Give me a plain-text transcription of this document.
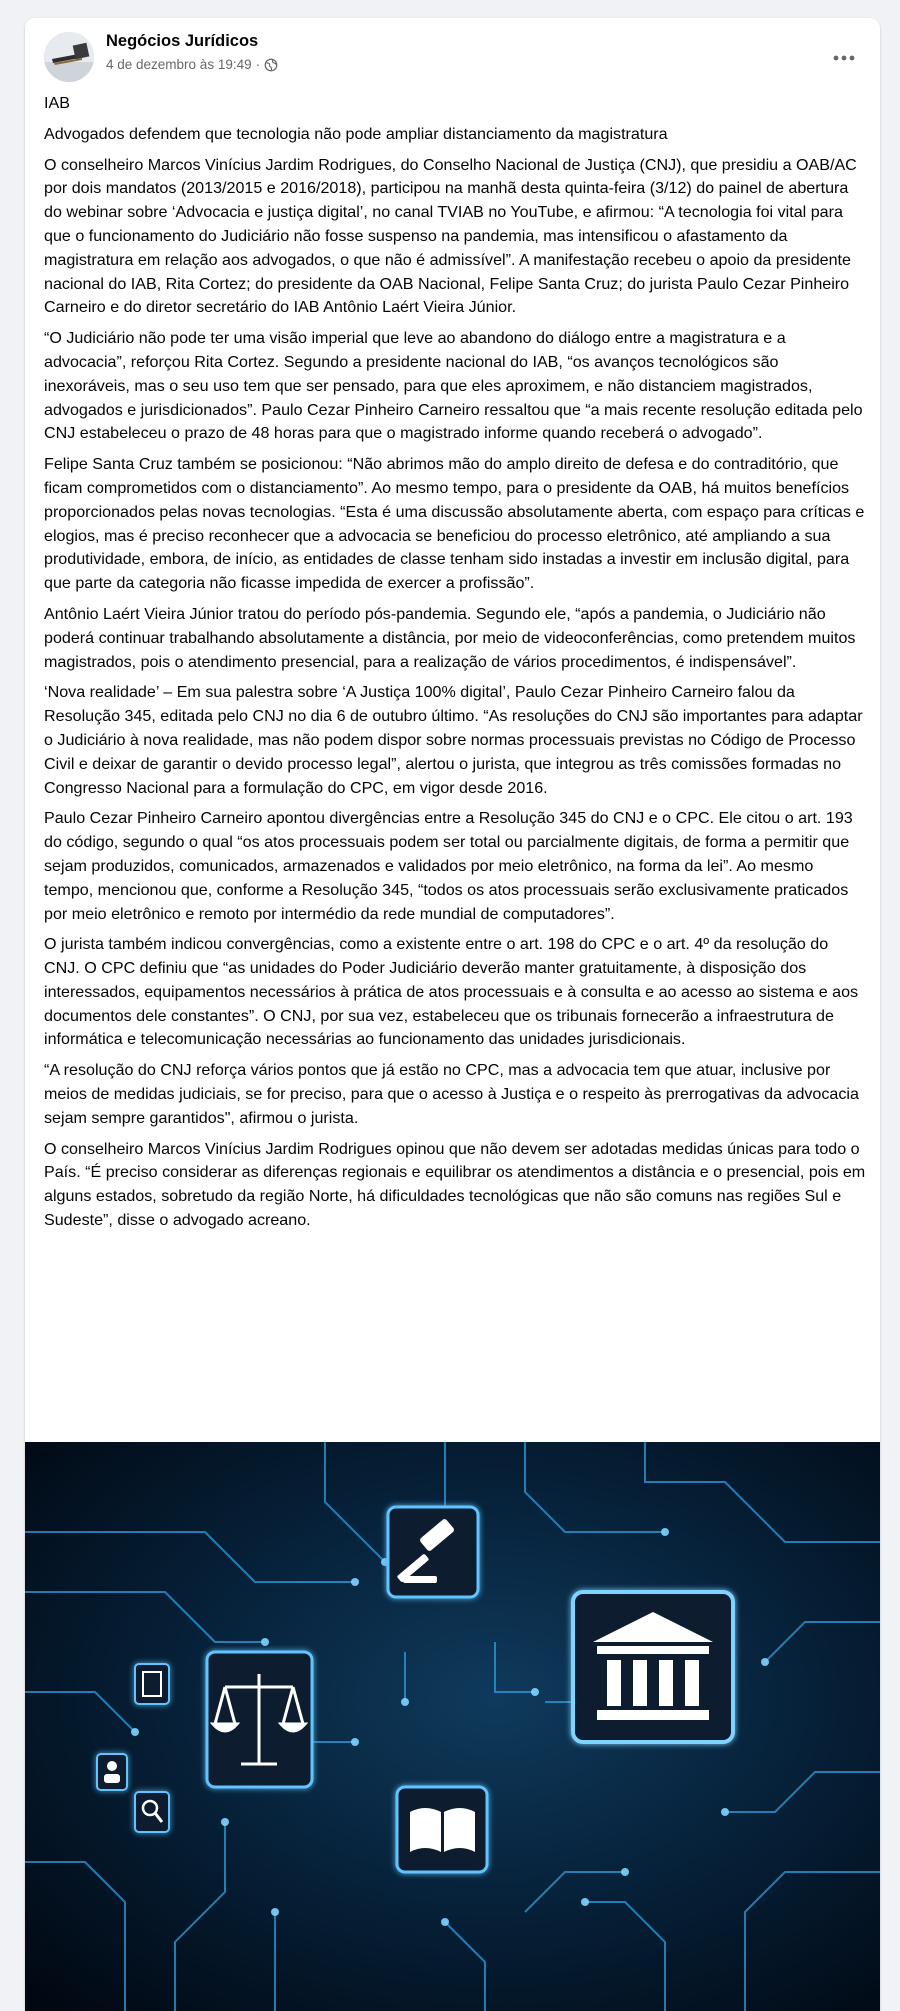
Negócios Jurídicos
4 de dezembro às 19:49 ·

IAB

Advogados defendem que tecnologia não pode ampliar distanciamento da magistratura

O conselheiro Marcos Vinícius Jardim Rodrigues, do Conselho Nacional de Justiça (CNJ), que presidiu a OAB/AC por dois mandatos (2013/2015 e 2016/2018), participou na manhã desta quinta-feira (3/12) do painel de abertura do webinar sobre ‘Advocacia e justiça digital’, no canal TVIAB no YouTube, e afirmou: “A tecnologia foi vital para que o funcionamento do Judiciário não fosse suspenso na pandemia, mas intensificou o afastamento da magistratura em relação aos advogados, o que não é admissível”. A manifestação recebeu o apoio da presidente nacional do IAB, Rita Cortez; do presidente da OAB Nacional, Felipe Santa Cruz; do jurista Paulo Cezar Pinheiro Carneiro e do diretor secretário do IAB Antônio Laért Vieira Júnior.

“O Judiciário não pode ter uma visão imperial que leve ao abandono do diálogo entre a magistratura e a advocacia”, reforçou Rita Cortez. Segundo a presidente nacional do IAB, “os avanços tecnológicos são inexoráveis, mas o seu uso tem que ser pensado, para que eles aproximem, e não distanciem magistrados, advogados e jurisdicionados”. Paulo Cezar Pinheiro Carneiro ressaltou que “a mais recente resolução editada pelo CNJ estabeleceu o prazo de 48 horas para que o magistrado informe quando receberá o advogado”.

Felipe Santa Cruz também se posicionou: “Não abrimos mão do amplo direito de defesa e do contraditório, que ficam comprometidos com o distanciamento”. Ao mesmo tempo, para o presidente da OAB, há muitos benefícios proporcionados pelas novas tecnologias. “Esta é uma discussão absolutamente aberta, com espaço para críticas e elogios, mas é preciso reconhecer que a advocacia se beneficiou do processo eletrônico, até ampliando a sua produtividade, embora, de início, as entidades de classe tenham sido instadas a investir em inclusão digital, para que parte da categoria não ficasse impedida de exercer a profissão”.

Antônio Laért Vieira Júnior tratou do período pós-pandemia. Segundo ele, “após a pandemia, o Judiciário não poderá continuar trabalhando absolutamente a distância, por meio de videoconferências, como pretendem muitos magistrados, pois o atendimento presencial, para a realização de vários procedimentos, é indispensável”.

‘Nova realidade’ – Em sua palestra sobre ‘A Justiça 100% digital’, Paulo Cezar Pinheiro Carneiro falou da Resolução 345, editada pelo CNJ no dia 6 de outubro último. “As resoluções do CNJ são importantes para adaptar o Judiciário à nova realidade, mas não podem dispor sobre normas processuais previstas no Código de Processo Civil e deixar de garantir o devido processo legal”, alertou o jurista, que integrou as três comissões formadas no Congresso Nacional para a formulação do CPC, em vigor desde 2016.

Paulo Cezar Pinheiro Carneiro apontou divergências entre a Resolução 345 do CNJ e o CPC. Ele citou o art. 193 do código, segundo o qual “os atos processuais podem ser total ou parcialmente digitais, de forma a permitir que sejam produzidos, comunicados, armazenados e validados por meio eletrônico, na forma da lei”. Ao mesmo tempo, mencionou que, conforme a Resolução 345, “todos os atos processuais serão exclusivamente praticados por meio eletrônico e remoto por intermédio da rede mundial de computadores”.

O jurista também indicou convergências, como a existente entre o art. 198 do CPC e o art. 4º da resolução do CNJ. O CPC definiu que “as unidades do Poder Judiciário deverão manter gratuitamente, à disposição dos interessados, equipamentos necessários à prática de atos processuais e à consulta e ao acesso ao sistema e aos documentos dele constantes”. O CNJ, por sua vez, estabeleceu que os tribunais fornecerão a infraestrutura de informática e telecomunicação necessárias ao funcionamento das unidades jurisdicionais.

“A resolução do CNJ reforça vários pontos que já estão no CPC, mas a advocacia tem que atuar, inclusive por meios de medidas judiciais, se for preciso, para que o acesso à Justiça e o respeito às prerrogativas da advocacia sejam sempre garantidos", afirmou o jurista.

O conselheiro Marcos Vinícius Jardim Rodrigues opinou que não devem ser adotadas medidas únicas para todo o País. “É preciso considerar as diferenças regionais e equilibrar os atendimentos a distância e o presencial, pois em alguns estados, sobretudo da região Norte, há dificuldades tecnológicas que não são comuns nas regiões Sul e Sudeste”, disse o advogado acreano.
